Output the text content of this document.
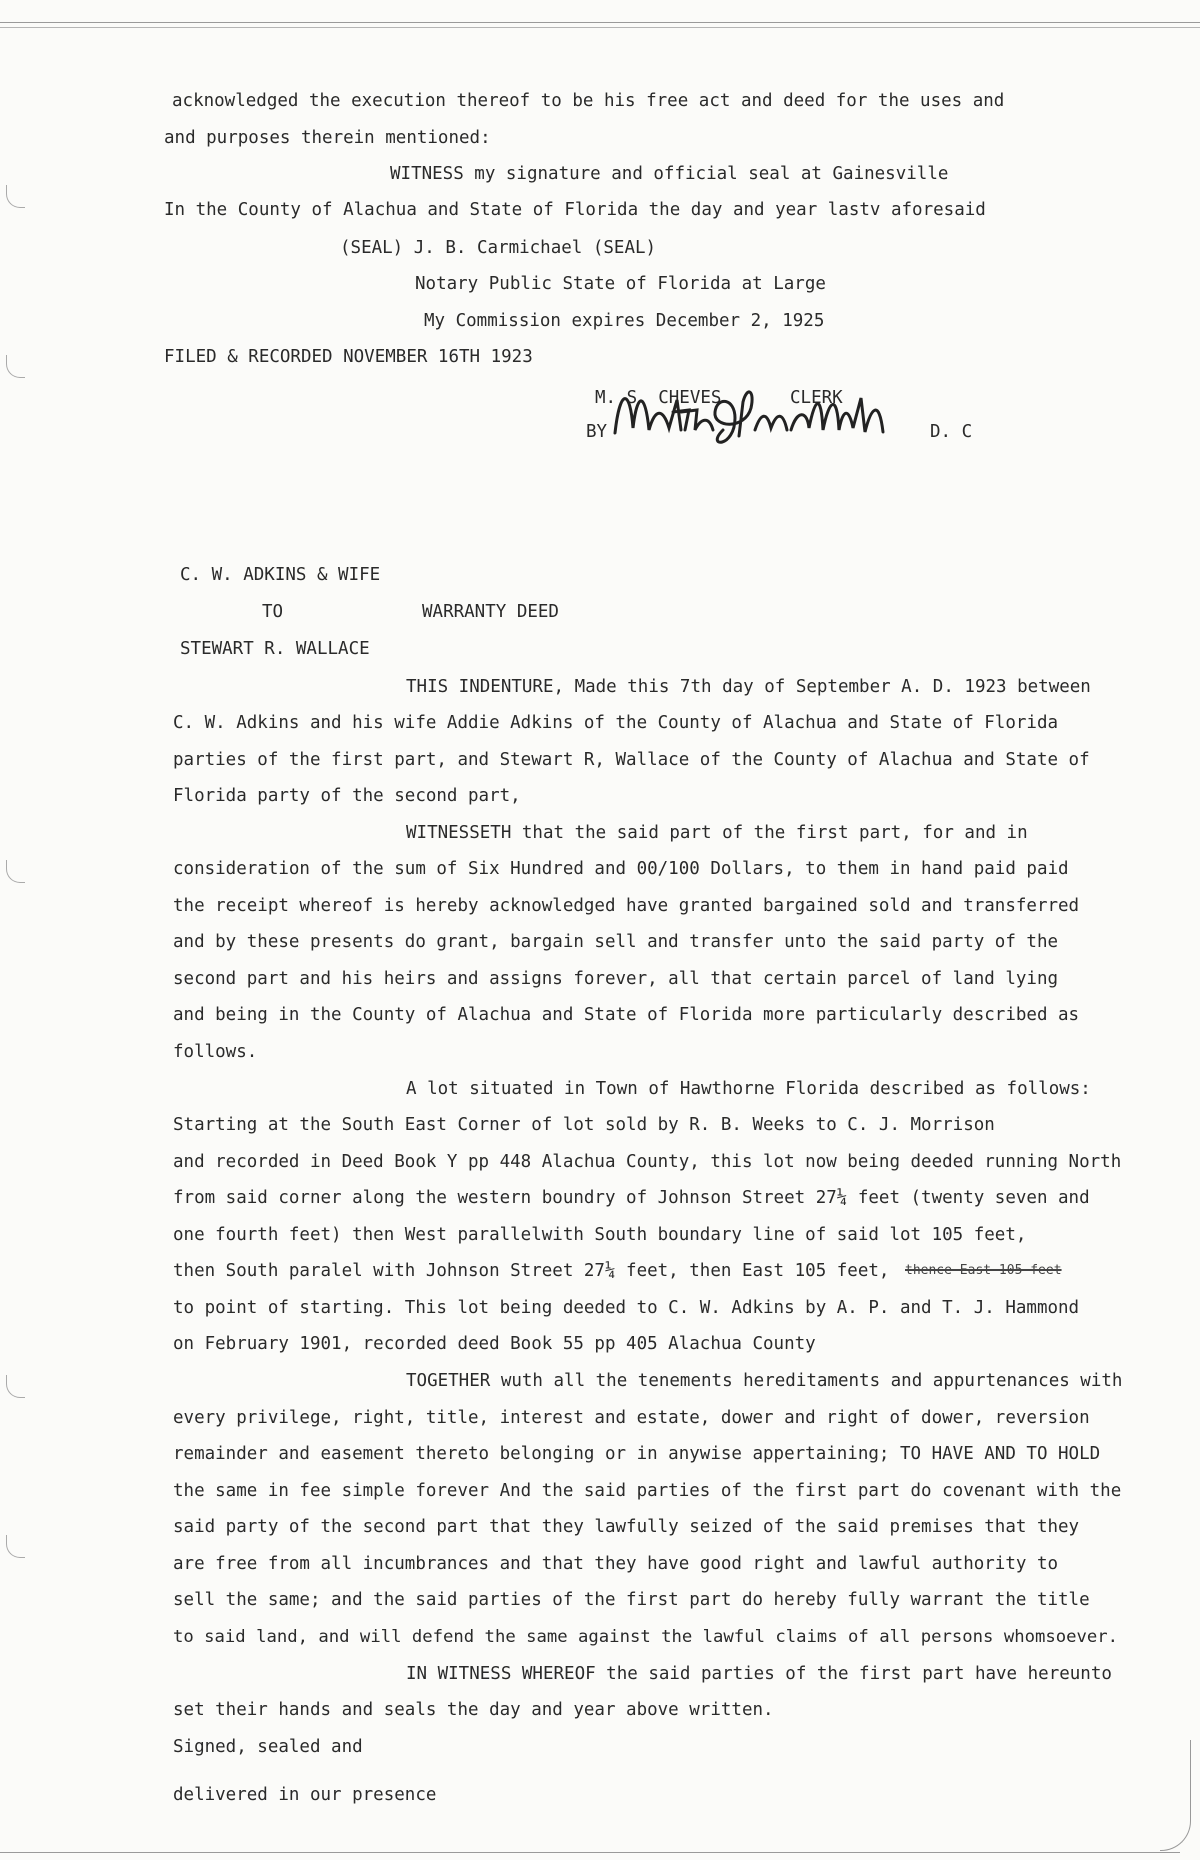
acknowledged the execution thereof to be his free act and deed for the uses and
and purposes therein mentioned:
WITNESS my signature and official seal at Gainesville
In the County of Alachua and State of Florida the day and year lastv aforesaid
(SEAL) J. B. Carmichael (SEAL)
Notary Public State of Florida at Large
My Commission expires December 2, 1925
FILED & RECORDED NOVEMBER 16TH 1923
M. S. CHEVES	CLERK
BY	D. C
C. W. ADKINS & WIFE
TO	WARRANTY DEED
STEWART R. WALLACE
THIS INDENTURE, Made this 7th day of September A. D. 1923 between
C. W. Adkins and his wife Addie Adkins of the County of Alachua and State of Florida
parties of the first part, and Stewart R, Wallace of the County of Alachua and State of
Florida party of the second part,
WITNESSETH that the said part of the first part, for and in
consideration of the sum of Six Hundred and 00/100 Dollars, to them in hand paid paid
the receipt whereof is hereby acknowledged have granted bargained sold and transferred
and by these presents do grant, bargain sell and transfer unto the said party of the
second part and his heirs and assigns forever, all that certain parcel of land lying
and being in the County of Alachua and State of Florida more particularly described as
follows.
A lot situated in Town of Hawthorne Florida described as follows:
Starting at the South East Corner of lot sold by R. B. Weeks to C. J. Morrison
and recorded in Deed Book Y pp 448 Alachua County, this lot now being deeded running North
from said corner along the western boundry of Johnson Street 27¼ feet (twenty seven and
one fourth feet) then West parallelwith South boundary line of said lot 105 feet,
then South paralel with Johnson Street 27¼ feet, then East 105 feet, thence East 105 feet
to point of starting. This lot being deeded to C. W. Adkins by A. P. and T. J. Hammond
on February 1901, recorded deed Book 55 pp 405 Alachua County
TOGETHER wuth all the tenements hereditaments and appurtenances with
every privilege, right, title, interest and estate, dower and right of dower, reversion
remainder and easement thereto belonging or in anywise appertaining; TO HAVE AND TO HOLD
the same in fee simple forever And the said parties of the first part do covenant with the
said party of the second part that they lawfully seized of the said premises that they
are free from all incumbrances and that they have good right and lawful authority to
sell the same; and the said parties of the first part do hereby fully warrant the title
to said land, and will defend the same against the lawful claims of all persons whomsoever.
IN WITNESS WHEREOF the said parties of the first part have hereunto
set their hands and seals the day and year above written.
Signed, sealed and
delivered in our presence
